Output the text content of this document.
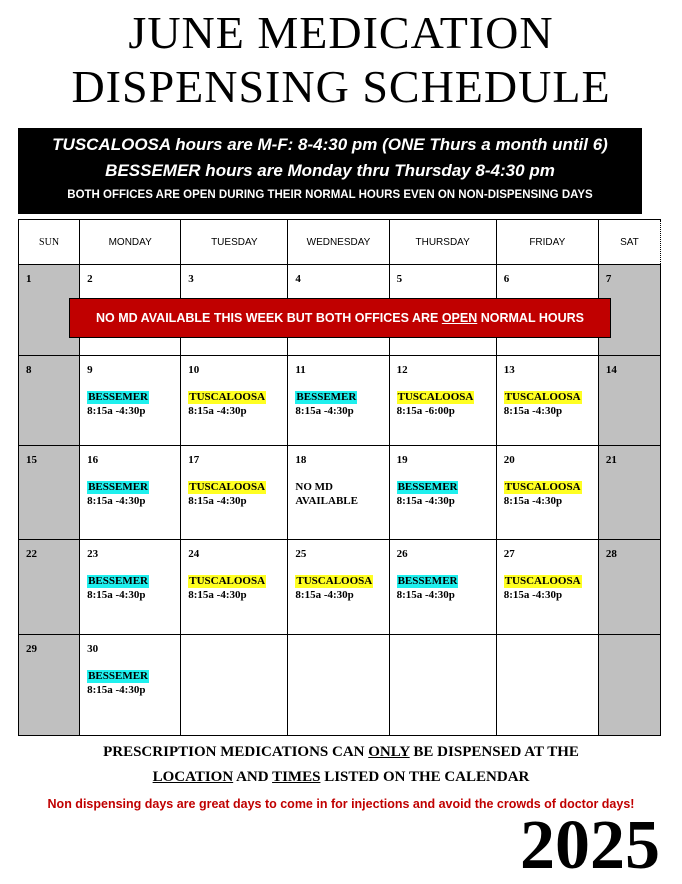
JUNE MEDICATION
DISPENSING SCHEDULE
TUSCALOOSA hours are M-F: 8-4:30 pm (ONE Thurs a month until 6)
BESSEMER hours are Monday thru Thursday 8-4:30 pm
BOTH OFFICES ARE OPEN DURING THEIR NORMAL HOURS EVEN ON NON-DISPENSING DAYS
SUN	MONDAY	TUESDAY	WEDNESDAY	THURSDAY	FRIDAY	SAT

1	2	3	4	5	6	7

8	9
BESSEMER
8:15a -4:30p	10
TUSCALOOSA
8:15a -4:30p	11
BESSEMER
8:15a -4:30p	12
TUSCALOOSA
8:15a -6:00p	13
TUSCALOOSA
8:15a -4:30p	14

15	16
BESSEMER
8:15a -4:30p	17
TUSCALOOSA
8:15a -4:30p	18
NO MD
AVAILABLE	19
BESSEMER
8:15a -4:30p	20
TUSCALOOSA
8:15a -4:30p	21

22	23
BESSEMER
8:15a -4:30p	24
TUSCALOOSA
8:15a -4:30p	25
TUSCALOOSA
8:15a -4:30p	26
BESSEMER
8:15a -4:30p	27
TUSCALOOSA
8:15a -4:30p	28

29	30
BESSEMER
8:15a -4:30p					

NO MD AVAILABLE THIS WEEK BUT BOTH OFFICES ARE OPEN NORMAL HOURS
PRESCRIPTION MEDICATIONS CAN ONLY BE DISPENSED AT THE
LOCATION AND TIMES LISTED ON THE CALENDAR
Non dispensing days are great days to come in for injections and avoid the crowds of doctor days!
2025
